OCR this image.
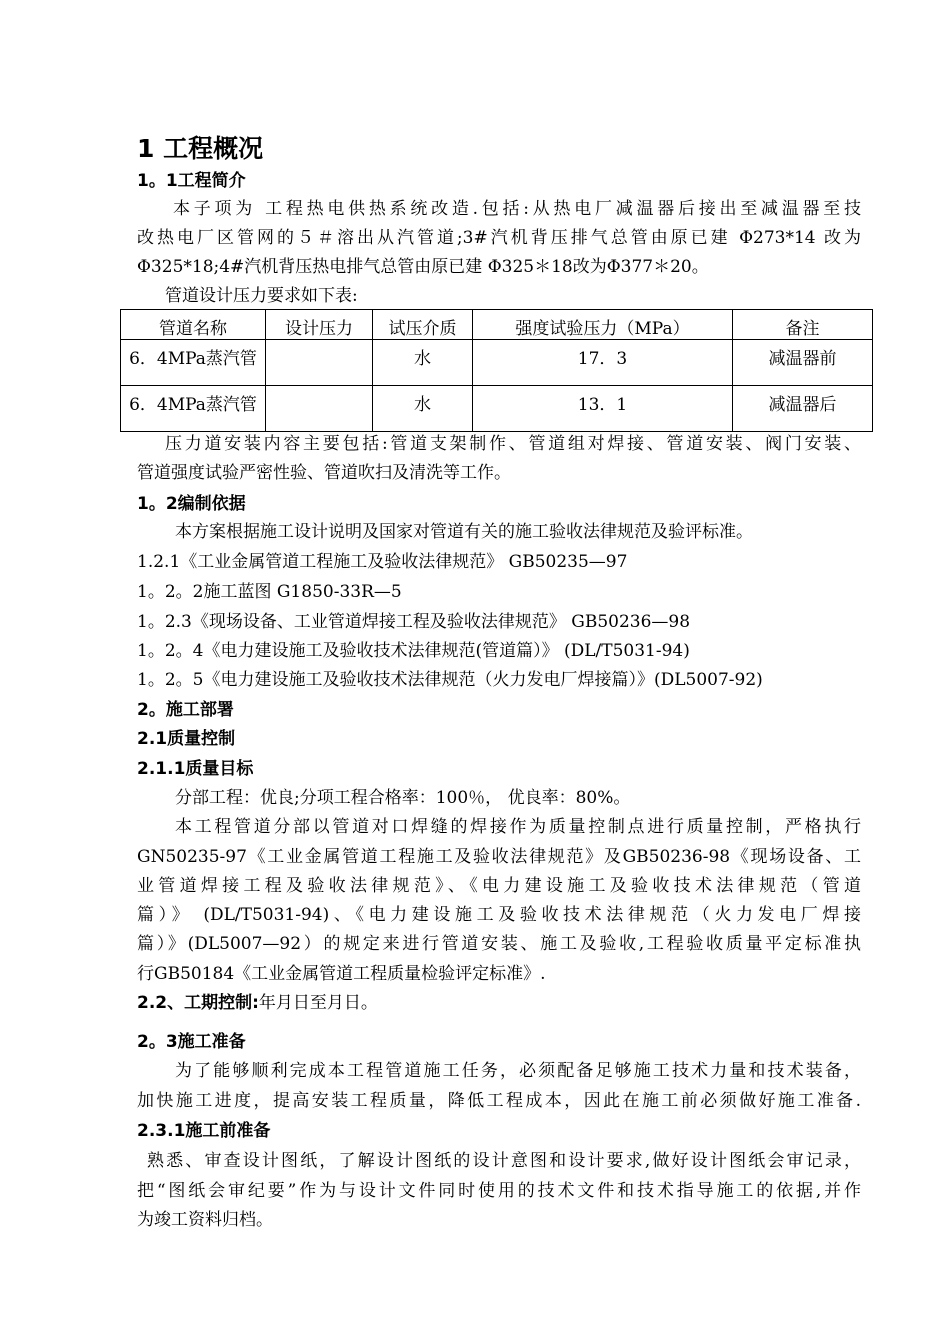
1 工程概况
1。1工程简介
本子项为 工程热电供热系统改造.包括:从热电厂减温器后接出至减温器至技
改热电厂区管网的５＃溶出从汽管道;3#汽机背压排气总管由原已建 Φ273*14 改为
Φ325*18;4#汽机背压热电排气总管由原已建 Φ325＊18改为Φ377＊20。
管道设计压力要求如下表:
管道名称	设计压力	试压介质	强度试验压力（MPa）	备注
6．4MPa蒸汽管		水	17．3	减温器前
6．4MPa蒸汽管		水	13．1	减温器后
压力道安装内容主要包括:管道支架制作、管道组对焊接、管道安装、阀门安装、
管道强度试验严密性验、管道吹扫及清洗等工作。
1。2编制依据
本方案根据施工设计说明及国家对管道有关的施工验收法律规范及验评标准。
1.2.1《工业金属管道工程施工及验收法律规范》 GB50235—97
1。2。2施工蓝图 G1850-33R—5
1。2.3《现场设备、工业管道焊接工程及验收法律规范》 GB50236—98
1。2。4《电力建设施工及验收技术法律规范(管道篇）》 (DL/T5031-94)
1。2。5《电力建设施工及验收技术法律规范（火力发电厂焊接篇）》(DL5007-92)
2。施工部署
2.1质量控制
2.1.1质量目标
分部工程：优良;分项工程合格率：100％， 优良率：80%。
本工程管道分部以管道对口焊缝的焊接作为质量控制点进行质量控制，严格执行
GN50235-97《工业金属管道工程施工及验收法律规范》及GB50236-98《现场设备、工
业管道焊接工程及验收法律规范》、《电力建设施工及验收技术法律规范（管道
篇）》 (DL/T5031-94)、《电力建设施工及验收技术法律规范（火力发电厂焊接
篇）》(DL5007—92）的规定来进行管道安装、施工及验收,工程验收质量平定标准执
行GB50184《工业金属管道工程质量检验评定标准》.
2.2、工期控制:年月日至月日。
2。3施工准备
为了能够顺利完成本工程管道施工任务，必须配备足够施工技术力量和技术装备，
加快施工进度，提高安装工程质量，降低工程成本，因此在施工前必须做好施工准备.
2.3.1施工前准备
熟悉、审查设计图纸，了解设计图纸的设计意图和设计要求,做好设计图纸会审记录，
把“图纸会审纪要”作为与设计文件同时使用的技术文件和技术指导施工的依据,并作
为竣工资料归档。
